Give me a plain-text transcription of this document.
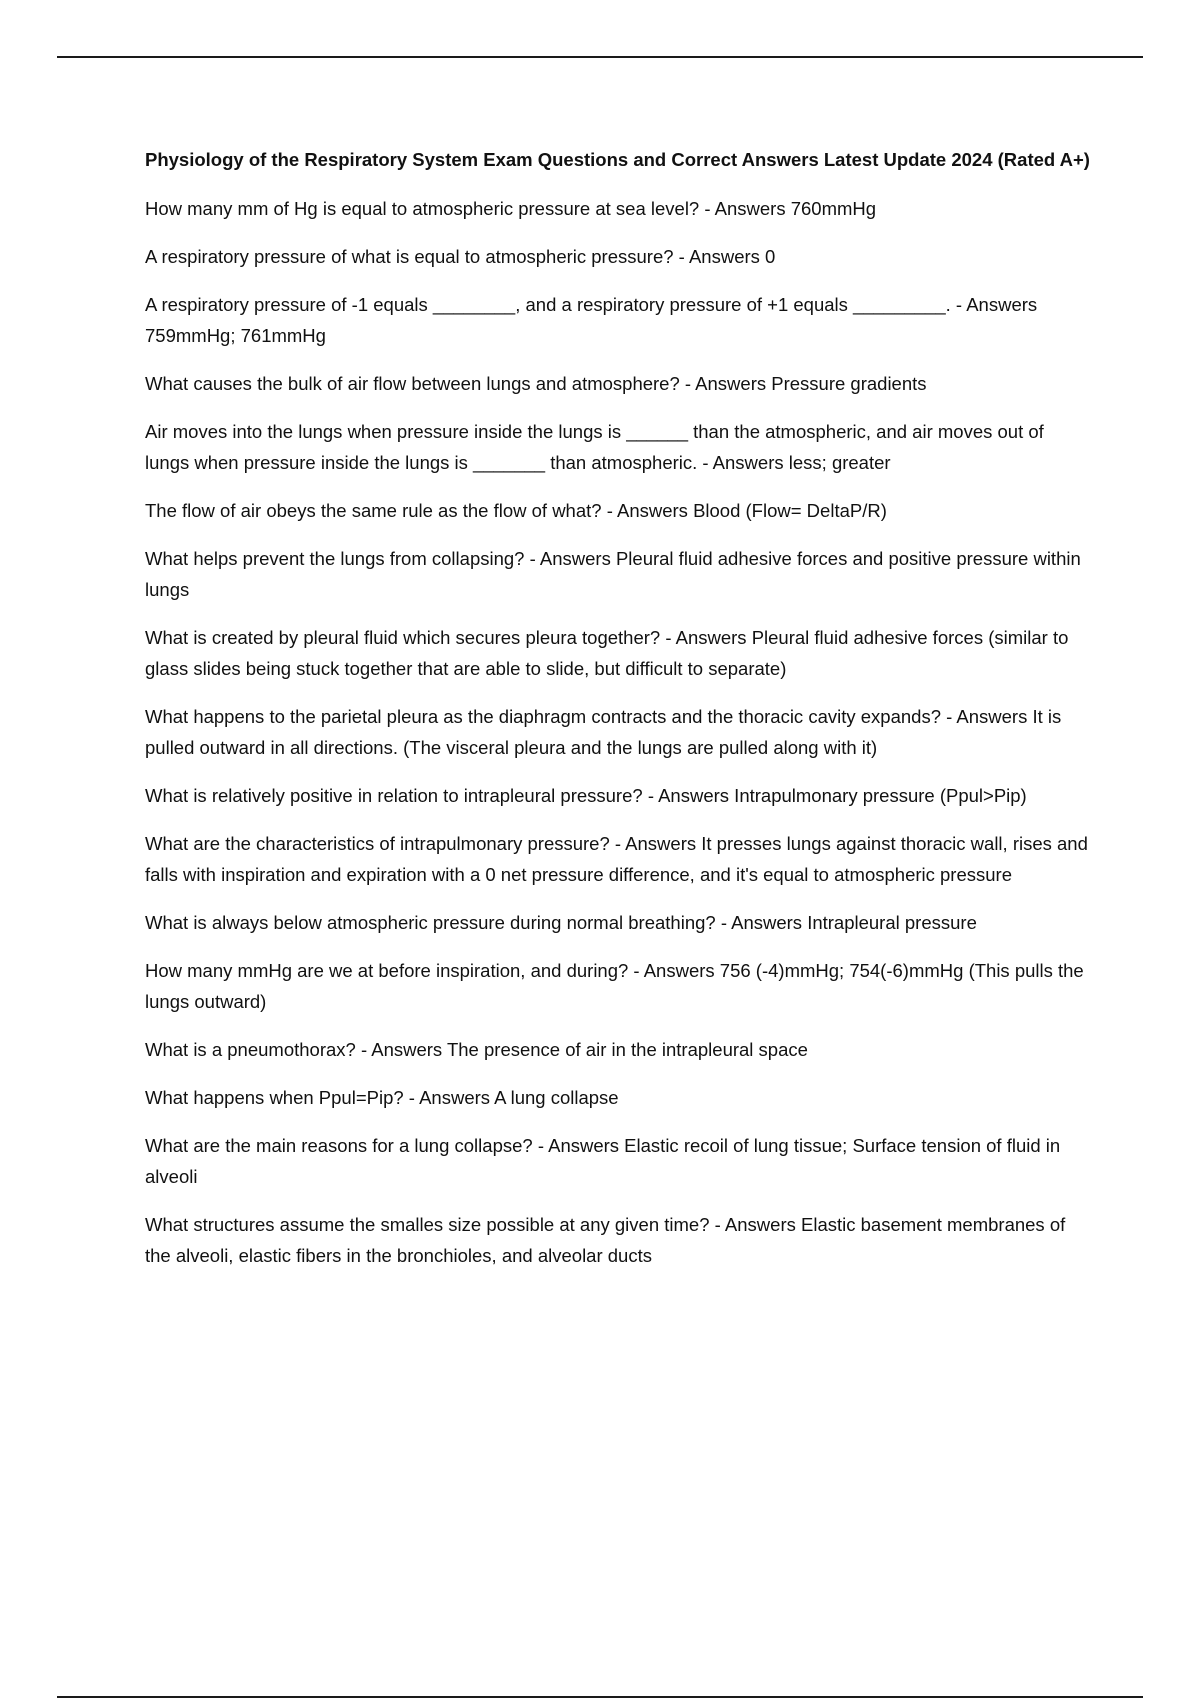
Physiology of the Respiratory System Exam Questions and Correct Answers Latest Update 2024 (Rated A+)

How many mm of Hg is equal to atmospheric pressure at sea level? - Answers 760mmHg

A respiratory pressure of what is equal to atmospheric pressure? - Answers 0

A respiratory pressure of -1 equals ________, and a respiratory pressure of +1 equals _________. - Answers 759mmHg; 761mmHg

What causes the bulk of air flow between lungs and atmosphere? - Answers Pressure gradients

Air moves into the lungs when pressure inside the lungs is ______ than the atmospheric, and air moves out of lungs when pressure inside the lungs is _______ than atmospheric. - Answers less; greater

The flow of air obeys the same rule as the flow of what? - Answers Blood (Flow= DeltaP/R)

What helps prevent the lungs from collapsing? - Answers Pleural fluid adhesive forces and positive pressure within lungs

What is created by pleural fluid which secures pleura together? - Answers Pleural fluid adhesive forces (similar to glass slides being stuck together that are able to slide, but difficult to separate)

What happens to the parietal pleura as the diaphragm contracts and the thoracic cavity expands? - Answers It is pulled outward in all directions. (The visceral pleura and the lungs are pulled along with it)

What is relatively positive in relation to intrapleural pressure? - Answers Intrapulmonary pressure (Ppul>Pip)

What are the characteristics of intrapulmonary pressure? - Answers It presses lungs against thoracic wall, rises and falls with inspiration and expiration with a 0 net pressure difference, and it's equal to atmospheric pressure

What is always below atmospheric pressure during normal breathing? - Answers Intrapleural pressure

How many mmHg are we at before inspiration, and during? - Answers 756 (-4)mmHg; 754(-6)mmHg (This pulls the lungs outward)

What is a pneumothorax? - Answers The presence of air in the intrapleural space

What happens when Ppul=Pip? - Answers A lung collapse

What are the main reasons for a lung collapse? - Answers Elastic recoil of lung tissue; Surface tension of fluid in alveoli

What structures assume the smalles size possible at any given time? - Answers Elastic basement membranes of the alveoli, elastic fibers in the bronchioles, and alveolar ducts
